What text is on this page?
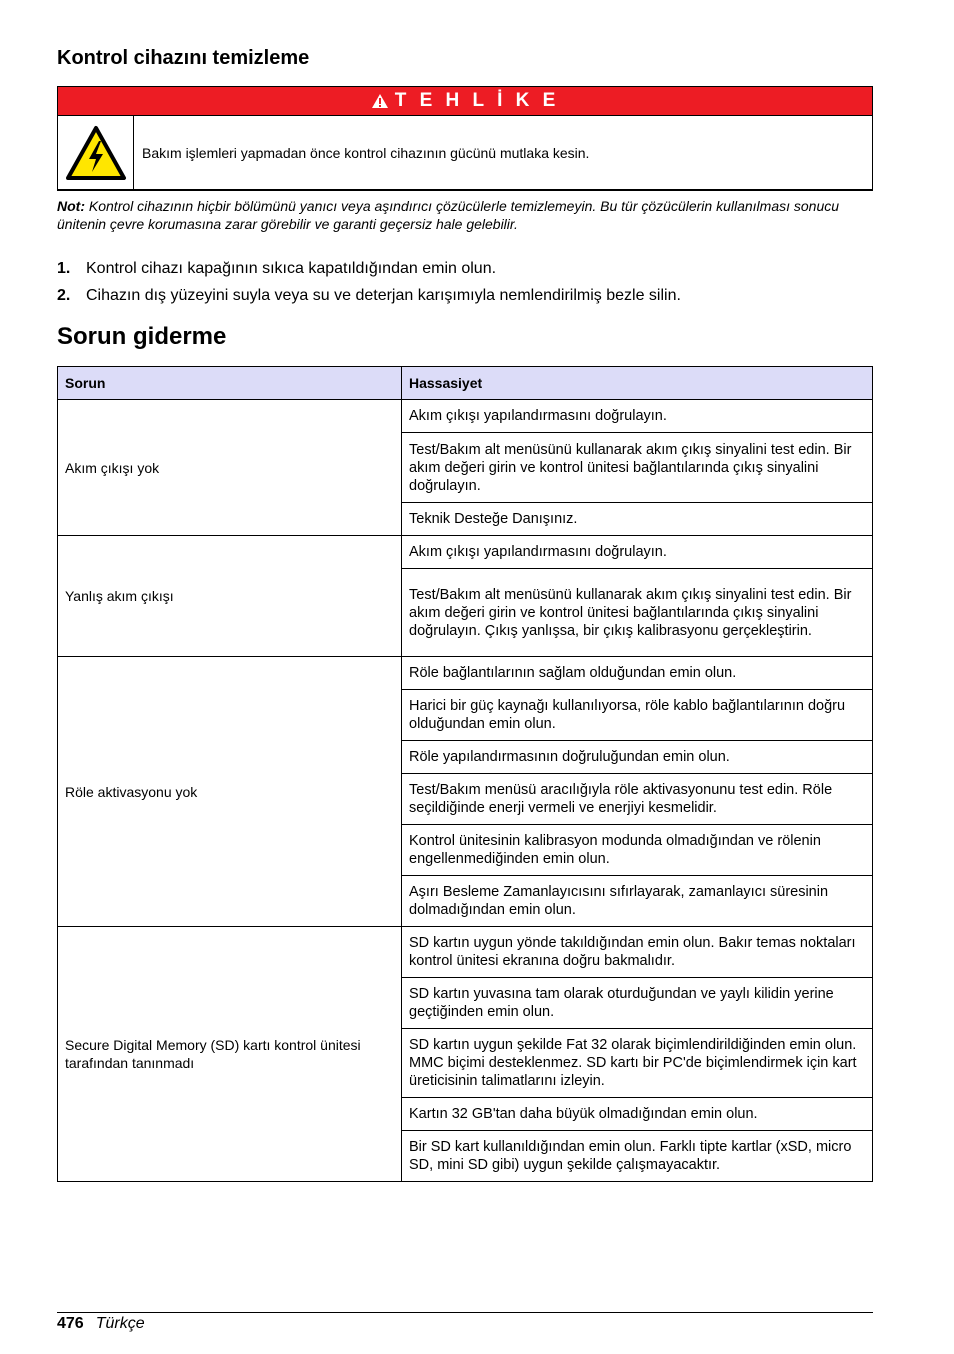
Kontrol cihazını temizleme
T E H L İ K E
Bakım işlemleri yapmadan önce kontrol cihazının gücünü mutlaka kesin.
Not: Kontrol cihazının hiçbir bölümünü yanıcı veya aşındırıcı çözücülerle temizlemeyin. Bu tür çözücülerin kullanılması sonucu ünitenin çevre korumasına zarar görebilir ve garanti geçersiz hale gelebilir.
1. Kontrol cihazı kapağının sıkıca kapatıldığından emin olun.
2. Cihazın dış yüzeyini suyla veya su ve deterjan karışımıyla nemlendirilmiş bezle silin.
Sorun giderme
Sorun	Hassasiyet
Akım çıkışı yok	Akım çıkışı yapılandırmasını doğrulayın.
	Test/Bakım alt menüsünü kullanarak akım çıkış sinyalini test edin. Bir akım değeri girin ve kontrol ünitesi bağlantılarında çıkış sinyalini doğrulayın.
	Teknik Desteğe Danışınız.
Yanlış akım çıkışı	Akım çıkışı yapılandırmasını doğrulayın.
	Test/Bakım alt menüsünü kullanarak akım çıkış sinyalini test edin. Bir akım değeri girin ve kontrol ünitesi bağlantılarında çıkış sinyalini doğrulayın. Çıkış yanlışsa, bir çıkış kalibrasyonu gerçekleştirin.
Röle aktivasyonu yok	Röle bağlantılarının sağlam olduğundan emin olun.
	Harici bir güç kaynağı kullanılıyorsa, röle kablo bağlantılarının doğru olduğundan emin olun.
	Röle yapılandırmasının doğruluğundan emin olun.
	Test/Bakım menüsü aracılığıyla röle aktivasyonunu test edin. Röle seçildiğinde enerji vermeli ve enerjiyi kesmelidir.
	Kontrol ünitesinin kalibrasyon modunda olmadığından ve rölenin engellenmediğinden emin olun.
	Aşırı Besleme Zamanlayıcısını sıfırlayarak, zamanlayıcı süresinin dolmadığından emin olun.
Secure Digital Memory (SD) kartı kontrol ünitesi tarafından tanınmadı	SD kartın uygun yönde takıldığından emin olun. Bakır temas noktaları kontrol ünitesi ekranına doğru bakmalıdır.
	SD kartın yuvasına tam olarak oturduğundan ve yaylı kilidin yerine geçtiğinden emin olun.
	SD kartın uygun şekilde Fat 32 olarak biçimlendirildiğinden emin olun. MMC biçimi desteklenmez. SD kartı bir PC'de biçimlendirmek için kart üreticisinin talimatlarını izleyin.
	Kartın 32 GB'tan daha büyük olmadığından emin olun.
	Bir SD kart kullanıldığından emin olun. Farklı tipte kartlar (xSD, micro SD, mini SD gibi) uygun şekilde çalışmayacaktır.
476 Türkçe
